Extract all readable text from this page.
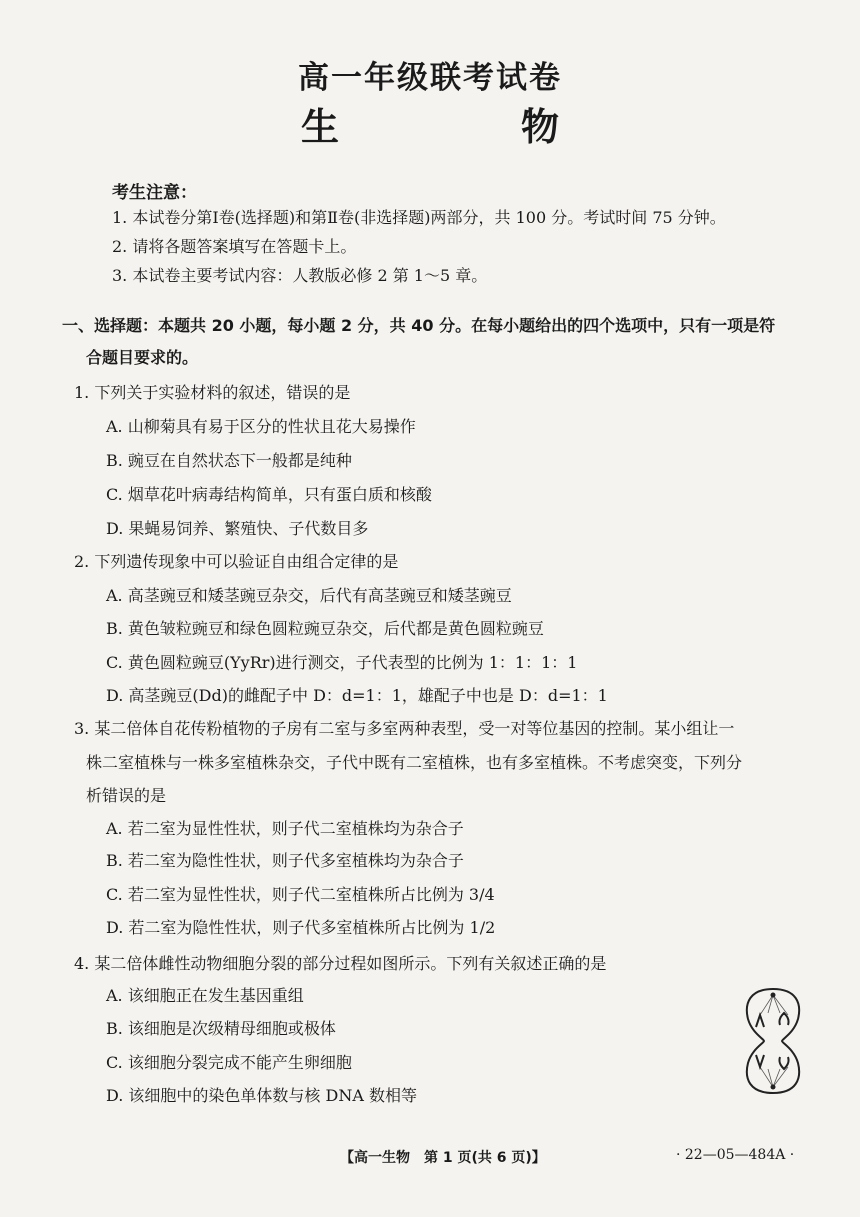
高一年级联考试卷
生　物
考生注意：
1. 本试卷分第Ⅰ卷(选择题)和第Ⅱ卷(非选择题)两部分，共 100 分。考试时间 75 分钟。
2. 请将各题答案填写在答题卡上。
3. 本试卷主要考试内容：人教版必修 2 第 1～5 章。
一、选择题：本题共 20 小题，每小题 2 分，共 40 分。在每小题给出的四个选项中，只有一项是符
合题目要求的。
1. 下列关于实验材料的叙述，错误的是
A. 山柳菊具有易于区分的性状且花大易操作
B. 豌豆在自然状态下一般都是纯种
C. 烟草花叶病毒结构简单，只有蛋白质和核酸
D. 果蝇易饲养、繁殖快、子代数目多
2. 下列遗传现象中可以验证自由组合定律的是
A. 高茎豌豆和矮茎豌豆杂交，后代有高茎豌豆和矮茎豌豆
B. 黄色皱粒豌豆和绿色圆粒豌豆杂交，后代都是黄色圆粒豌豆
C. 黄色圆粒豌豆(YyRr)进行测交，子代表型的比例为 1：1：1：1
D. 高茎豌豆(Dd)的雌配子中 D：d=1：1，雄配子中也是 D：d=1：1
3. 某二倍体自花传粉植物的子房有二室与多室两种表型，受一对等位基因的控制。某小组让一
株二室植株与一株多室植株杂交，子代中既有二室植株，也有多室植株。不考虑突变，下列分
析错误的是
A. 若二室为显性性状，则子代二室植株均为杂合子
B. 若二室为隐性性状，则子代多室植株均为杂合子
C. 若二室为显性性状，则子代二室植株所占比例为 3/4
D. 若二室为隐性性状，则子代多室植株所占比例为 1/2
4. 某二倍体雌性动物细胞分裂的部分过程如图所示。下列有关叙述正确的是
A. 该细胞正在发生基因重组
B. 该细胞是次级精母细胞或极体
C. 该细胞分裂完成不能产生卵细胞
D. 该细胞中的染色单体数与核 DNA 数相等
【高一生物　第 1 页(共 6 页)】	· 22—05—484A ·
